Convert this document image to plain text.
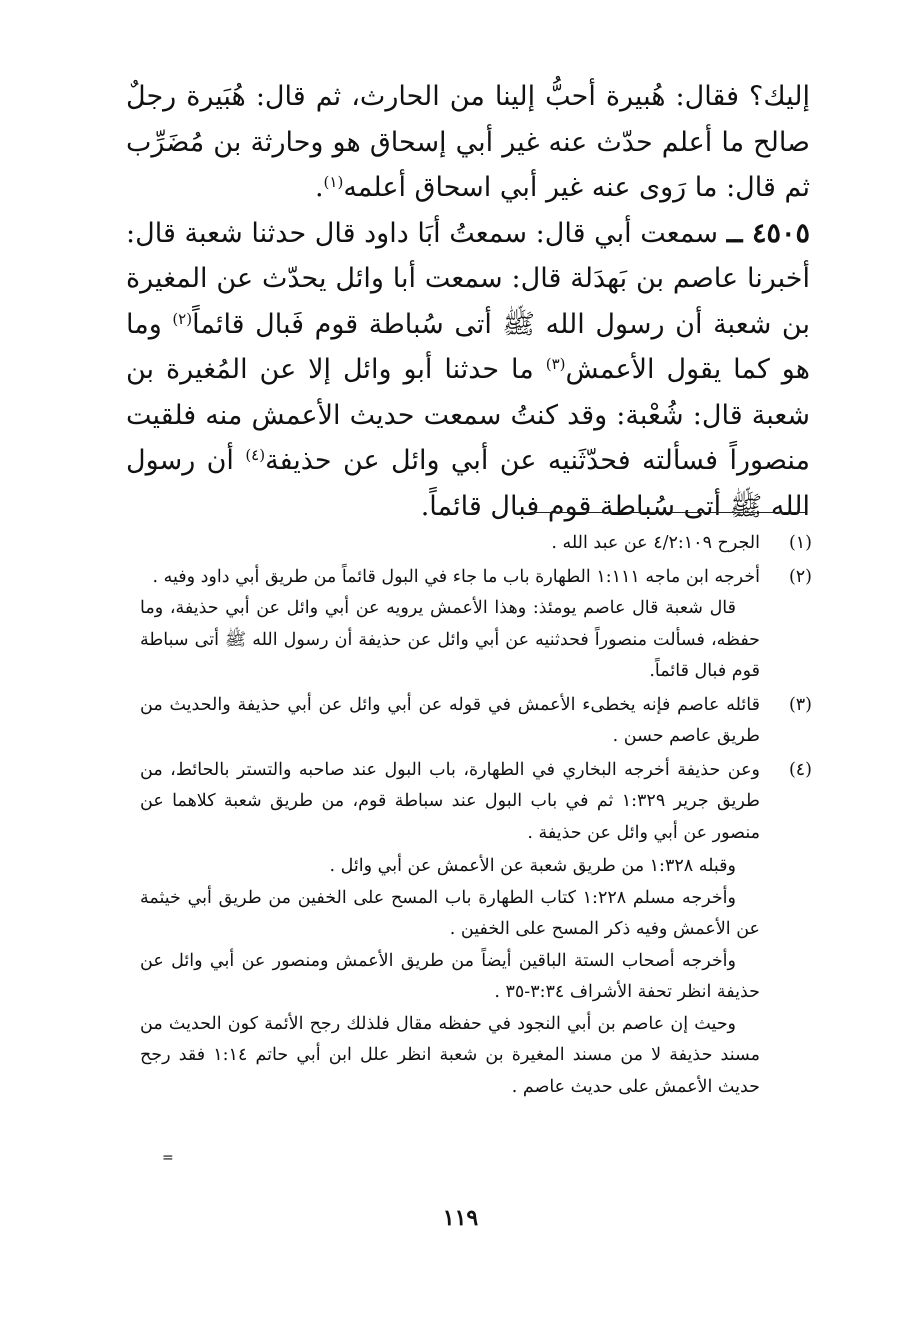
إليك؟ فقال: هُبيرة أحبُّ إلينا من الحارث، ثم قال: هُبَيرة رجلٌ صالح ما أعلم حدّث عنه غير أبي إسحاق هو وحارثة بن مُضَرِّب ثم قال: ما رَوى عنه غير أبي اسحاق أعلمه$^{(١)}$.

٤٥٠٥ ــ سمعت أبي قال: سمعتُ أبَا داود قال حدثنا شعبة قال: أخبرنا عاصم بن بَهدَلة قال: سمعت أبا وائل يحدّث عن المغيرة بن شعبة أن رسول الله ﷺ أتى سُباطة قوم فَبال قائماً$^{(٢)}$ وما هو كما يقول الأعمش$^{(٣)}$ ما حدثنا أبو وائل إلا عن المُغيرة بن شعبة قال: شُعْبة: وقد كنتُ سمعت حديث الأعمش منه فلقيت منصوراً فسألته فحدّثَنيه عن أبي وائل عن حذيفة$^{(٤)}$ أن رسول الله ﷺ أتى سُباطة قوم فبال قائماً.

(١)

الجرح ٤/٢:١٠٩ عن عبد الله .

(٢)

أخرجه ابن ماجه ١:١١١ الطهارة باب ما جاء في البول قائماً من طريق أبي داود وفيه .

قال شعبة قال عاصم يومئذ: وهذا الأعمش يرويه عن أبي وائل عن أبي حذيفة، وما حفظه، فسألت منصوراً فحدثنيه عن أبي وائل عن حذيفة أن رسول الله ﷺ أتى سباطة قوم فبال قائماً.

(٣)

قائله عاصم فإنه يخطىء الأعمش في قوله عن أبي وائل عن أبي حذيفة والحديث من طريق عاصم حسن .

(٤)

وعن حذيفة أخرجه البخاري في الطهارة، باب البول عند صاحبه والتستر بالحائط، من طريق جرير ١:٣٢٩ ثم في باب البول عند سباطة قوم، من طريق شعبة كلاهما عن منصور عن أبي وائل عن حذيفة .

وقبله ١:٣٢٨ من طريق شعبة عن الأعمش عن أبي وائل .

وأخرجه مسلم ١:٢٢٨ كتاب الطهارة باب المسح على الخفين من طريق أبي خيثمة عن الأعمش وفيه ذكر المسح على الخفين .

وأخرجه أصحاب الستة الباقين أيضاً من طريق الأعمش ومنصور عن أبي وائل عن حذيفة انظر تحفة الأشراف ٣:٣٤-٣٥ .

وحيث إن عاصم بن أبي النجود في حفظه مقال فلذلك رجح الأئمة كون الحديث من مسند حذيفة لا من مسند المغيرة بن شعبة انظر علل ابن أبي حاتم ١:١٤ فقد رجح حديث الأعمش على حديث عاصم .

=
١١٩
